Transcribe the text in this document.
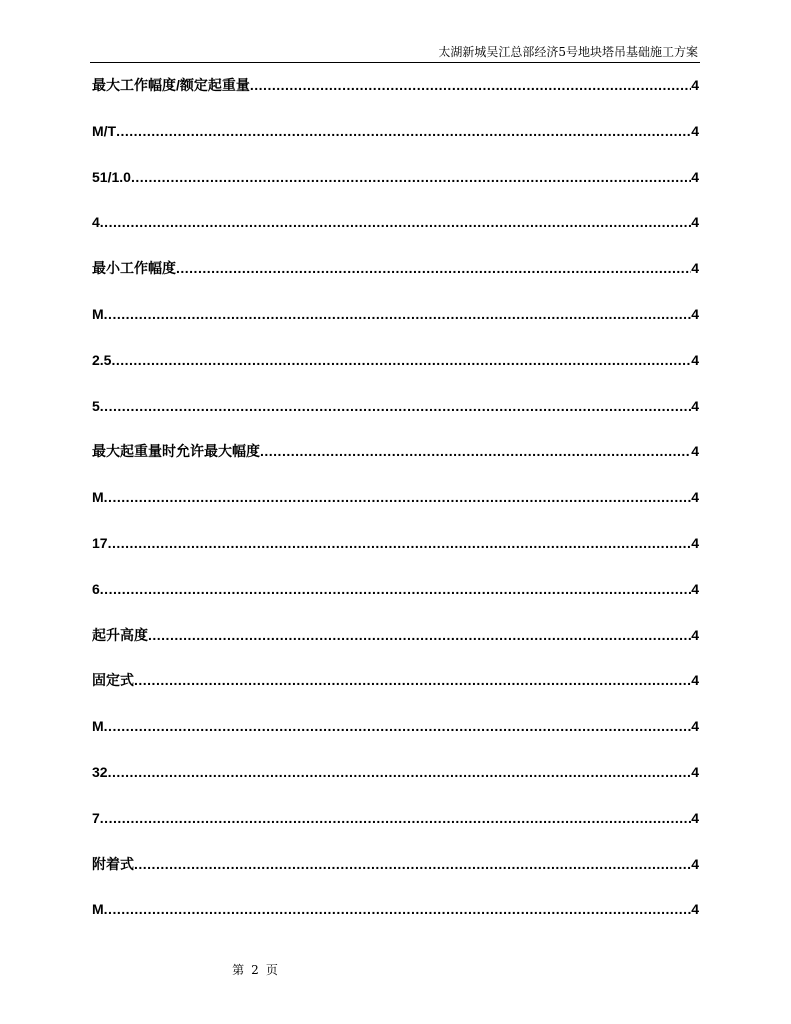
太湖新城吴江总部经济5号地块塔吊基础施工方案
最大工作幅度/额定起重量 .....	4
M/T .....	4
51/1.0 .....	4
4 .....	4
最小工作幅度 .....	4
M .....	4
2.5 .....	4
5 .....	4
最大起重量时允许最大幅度 .....	4
M .....	4
17 .....	4
6 .....	4
起升高度 .....	4
固定式 .....	4
M .....	4
32 .....	4
7 .....	4
附着式 .....	4
M .....	4
第 2 页
